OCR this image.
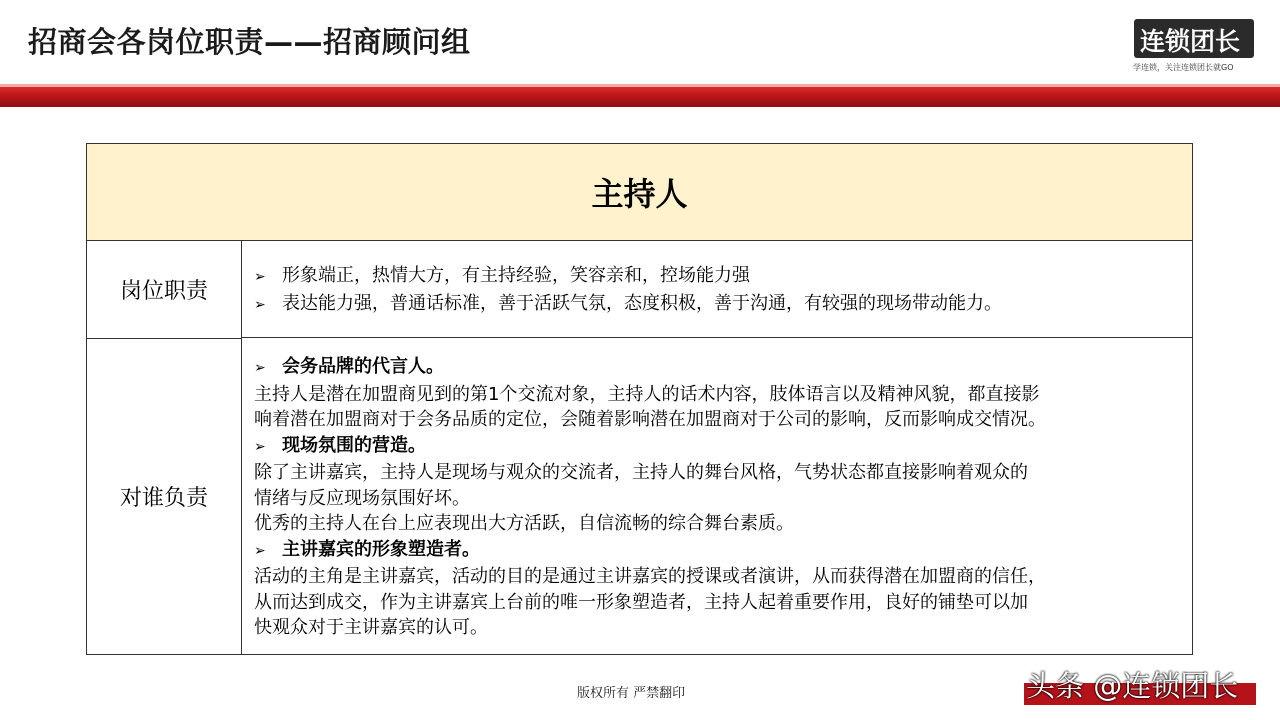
招商会各岗位职责——招商顾问组	连锁团长
学连锁，关注连锁团长就GO
主持人
岗位职责
➢ 形象端正，热情大方，有主持经验，笑容亲和，控场能力强
➢ 表达能力强，普通话标准，善于活跃气氛，态度积极，善于沟通，有较强的现场带动能力。
对谁负责
➢ 会务品牌的代言人。
主持人是潜在加盟商见到的第1个交流对象，主持人的话术内容，肢体语言以及精神风貌，都直接影
响着潜在加盟商对于会务品质的定位，会随着影响潜在加盟商对于公司的影响，反而影响成交情况。
➢ 现场氛围的营造。
除了主讲嘉宾，主持人是现场与观众的交流者，主持人的舞台风格，气势状态都直接影响着观众的
情绪与反应现场氛围好坏。
优秀的主持人在台上应表现出大方活跃，自信流畅的综合舞台素质。
➢ 主讲嘉宾的形象塑造者。
活动的主角是主讲嘉宾，活动的目的是通过主讲嘉宾的授课或者演讲，从而获得潜在加盟商的信任，
从而达到成交，作为主讲嘉宾上台前的唯一形象塑造者，主持人起着重要作用，良好的铺垫可以加
快观众对于主讲嘉宾的认可。
版权所有 严禁翻印	头条 @连锁团长
